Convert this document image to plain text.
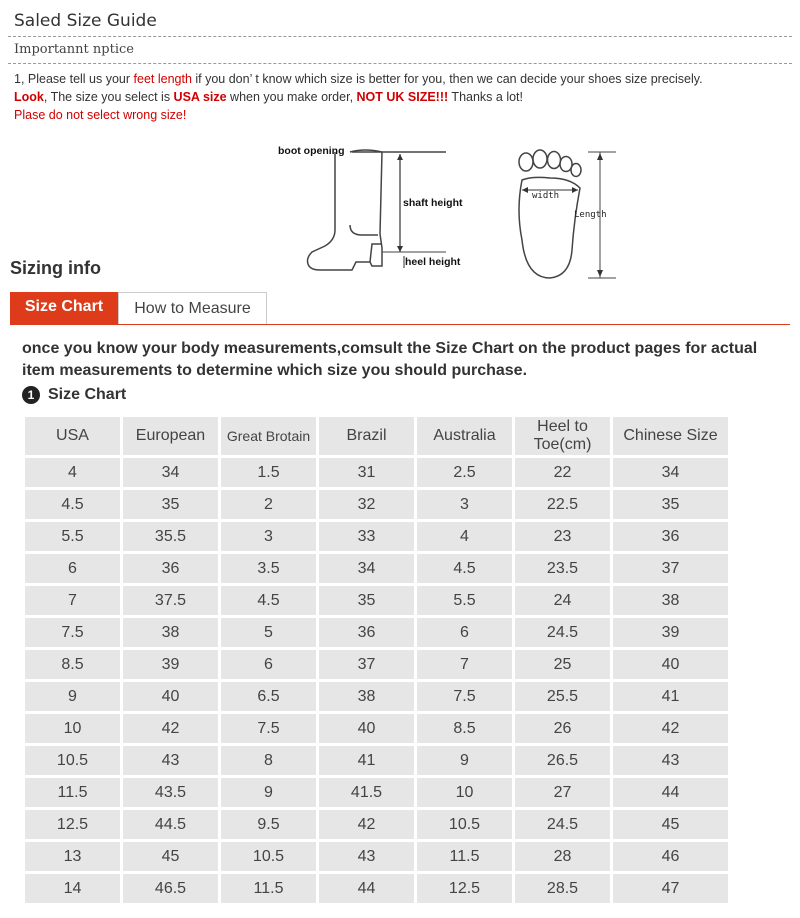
Saled Size Guide
Importannt nptice
1, Please tell us your feet length if you don’ t know which size is better for you, then we can decide your shoes size precisely.
Look, The size you select is USA size when you make order, NOT UK SIZE!!! Thanks a lot!
Plase do not select wrong size!
boot opening
shaft height
heel height
width
Length
Sizing info
Size Chart	How to Measure
once you know your body measurements,comsult the Size Chart on the product pages for actual item measurements to determine which size you should purchase.
1 Size Chart
USA	European	Great Brotain	Brazil	Australia	Heel to Toe(cm)	Chinese Size
4	34	1.5	31	2.5	22	34
4.5	35	2	32	3	22.5	35
5.5	35.5	3	33	4	23	36
6	36	3.5	34	4.5	23.5	37
7	37.5	4.5	35	5.5	24	38
7.5	38	5	36	6	24.5	39
8.5	39	6	37	7	25	40
9	40	6.5	38	7.5	25.5	41
10	42	7.5	40	8.5	26	42
10.5	43	8	41	9	26.5	43
11.5	43.5	9	41.5	10	27	44
12.5	44.5	9.5	42	10.5	24.5	45
13	45	10.5	43	11.5	28	46
14	46.5	11.5	44	12.5	28.5	47
